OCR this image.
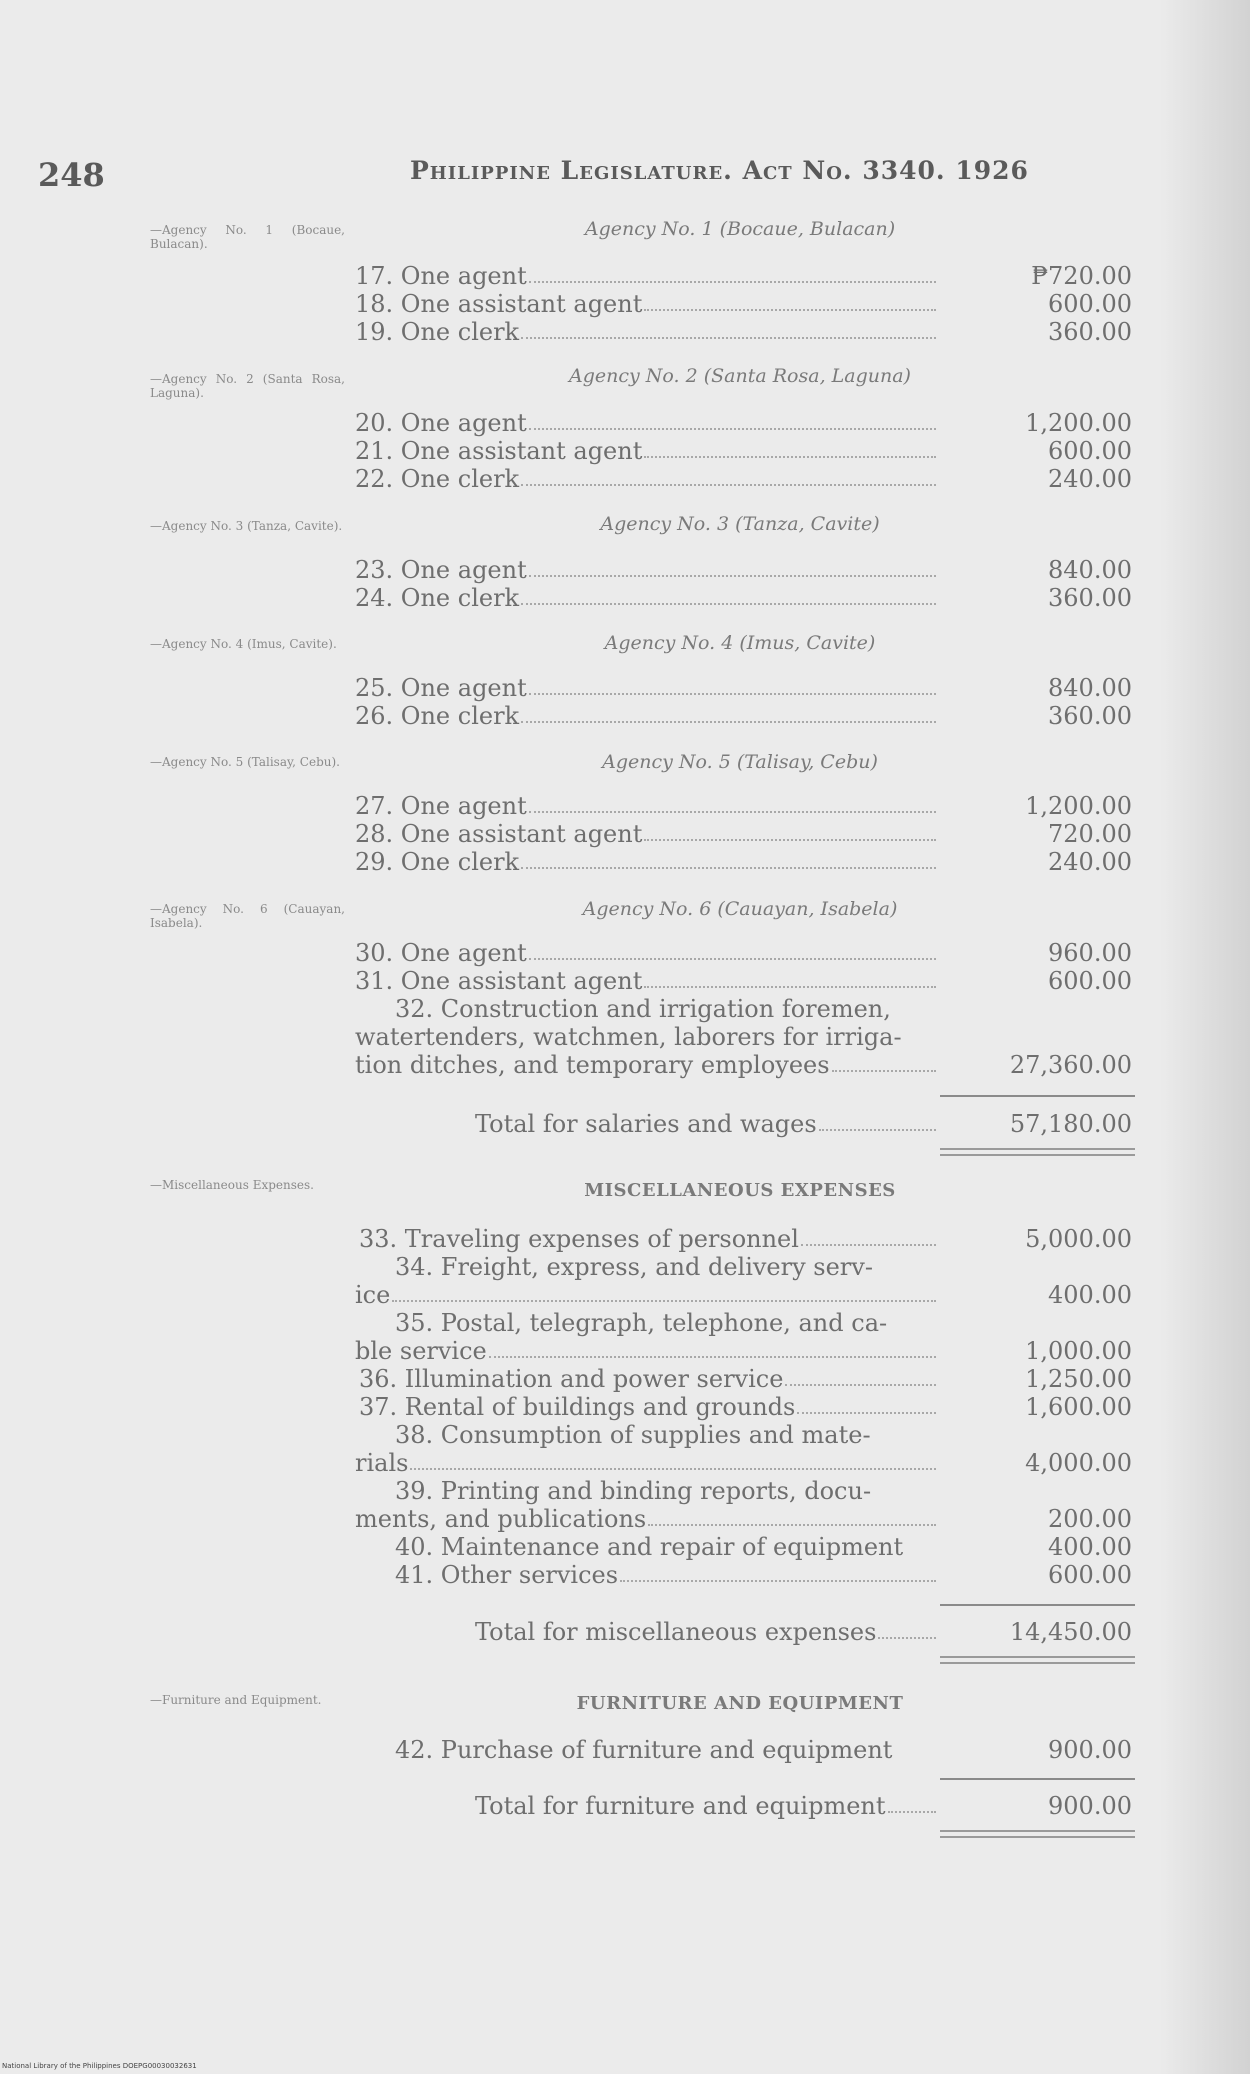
248	Philippine Legislature. Act No. 3340. 1926
—Agency No. 1 (Bocaue, Bulacan).
Agency No. 1 (Bocaue, Bulacan)
17. One agent	₱720.00
18. One assistant agent	600.00
19. One clerk	360.00
—Agency No. 2 (Santa Rosa, Laguna).
Agency No. 2 (Santa Rosa, Laguna)
20. One agent	1,200.00
21. One assistant agent	600.00
22. One clerk	240.00
—Agency No. 3 (Tanza, Cavite).	Agency No. 3 (Tanza, Cavite)
23. One agent	840.00
24. One clerk	360.00
—Agency No. 4 (Imus, Cavite).	Agency No. 4 (Imus, Cavite)
25. One agent	840.00
26. One clerk	360.00
—Agency No. 5 (Talisay, Cebu).	Agency No. 5 (Talisay, Cebu)
27. One agent	1,200.00
28. One assistant agent	720.00
29. One clerk	240.00
—Agency No. 6 (Cauayan, Isabela).
Agency No. 6 (Cauayan, Isabela)
30. One agent	960.00
31. One assistant agent	600.00
32. Construction and irrigation foremen,
watertenders, watchmen, laborers for irriga-
tion ditches, and temporary employees	27,360.00
Total for salaries and wages	57,180.00
—Miscellaneous Expenses.	MISCELLANEOUS EXPENSES
33. Traveling expenses of personnel	5,000.00
34. Freight, express, and delivery serv-
ice	400.00
35. Postal, telegraph, telephone, and ca-
ble service	1,000.00
36. Illumination and power service	1,250.00
37. Rental of buildings and grounds	1,600.00
38. Consumption of supplies and mate-
rials	4,000.00
39. Printing and binding reports, docu-
ments, and publications	200.00
40. Maintenance and repair of equipment	400.00
41. Other services	600.00
Total for miscellaneous expenses	14,450.00
—Furniture and Equipment.	FURNITURE AND EQUIPMENT
42. Purchase of furniture and equipment	900.00
Total for furniture and equipment	900.00
National Library of the Philippines DOEPG00030032631
